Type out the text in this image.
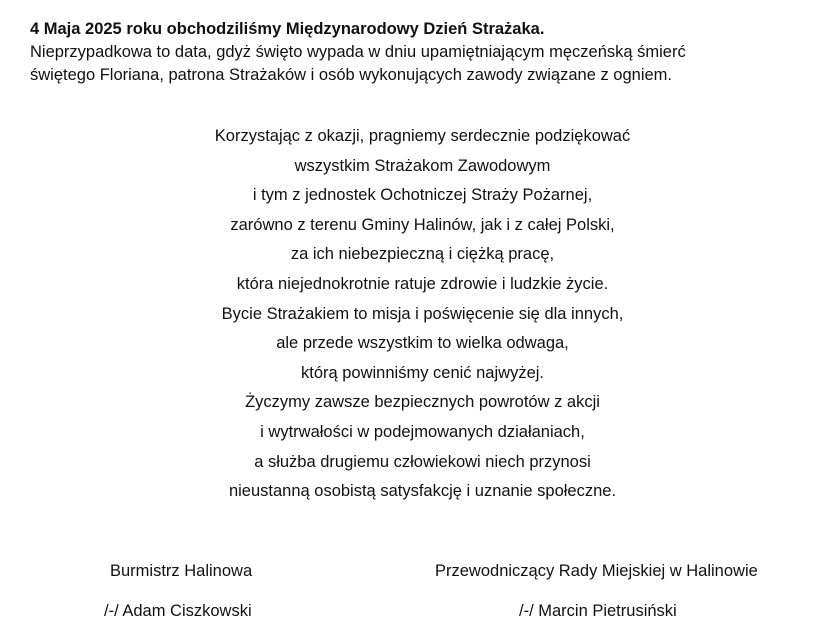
4 Maja 2025 roku obchodziliśmy Międzynarodowy Dzień Strażaka.
Nieprzypadkowa to data, gdyż święto wypada w dniu upamiętniającym męczeńską śmierć
świętego Floriana, patrona Strażaków i osób wykonujących zawody związane z ogniem.
Korzystając z okazji, pragniemy serdecznie podziękować
wszystkim Strażakom Zawodowym
i tym z jednostek Ochotniczej Straży Pożarnej,
zarówno z terenu Gminy Halinów, jak i z całej Polski,
za ich niebezpieczną i ciężką pracę,
która niejednokrotnie ratuje zdrowie i ludzkie życie.
Bycie Strażakiem to misja i poświęcenie się dla innych,
ale przede wszystkim to wielka odwaga,
którą powinniśmy cenić najwyżej.
Życzymy zawsze bezpiecznych powrotów z akcji
i wytrwałości w podejmowanych działaniach,
a służba drugiemu człowiekowi niech przynosi
nieustanną osobistą satysfakcję i uznanie społeczne.
Burmistrz Halinowa
/-/ Adam Ciszkowski
Przewodniczący Rady Miejskiej w Halinowie
/-/ Marcin Pietrusiński
